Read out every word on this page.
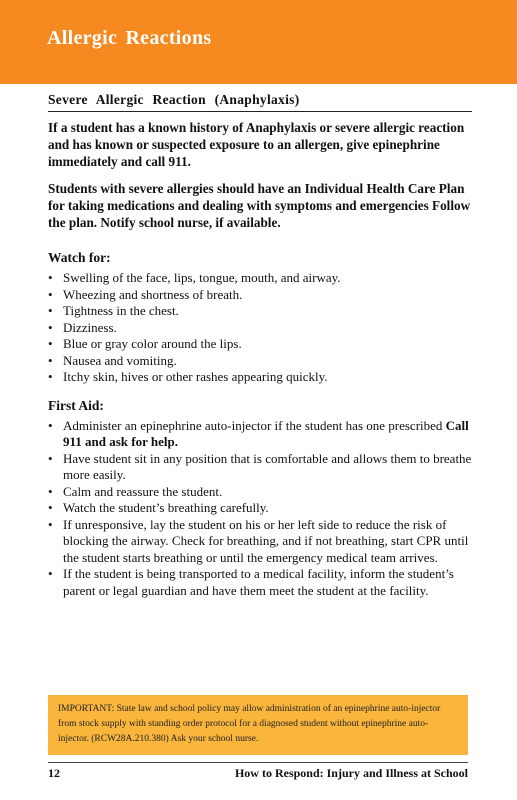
Allergic Reactions
Severe Allergic Reaction (Anaphylaxis)

If a student has a known history of Anaphylaxis or severe allergic reaction and has known or suspected exposure to an allergen, give epinephrine immediately and call 911.

Students with severe allergies should have an Individual Health Care Plan for taking medications and dealing with symptoms and emergencies Follow the plan. Notify school nurse, if available.

Watch for:
• Swelling of the face, lips, tongue, mouth, and airway.
• Wheezing and shortness of breath.
• Tightness in the chest.
• Dizziness.
• Blue or gray color around the lips.
• Nausea and vomiting.
• Itchy skin, hives or other rashes appearing quickly.
First Aid:
• Administer an epinephrine auto-injector if the student has one prescribed Call 911 and ask for help.
• Have student sit in any position that is comfortable and allows them to breathe more easily.
• Calm and reassure the student.
• Watch the student’s breathing carefully.
• If unresponsive, lay the student on his or her left side to reduce the risk of blocking the airway. Check for breathing, and if not breathing, start CPR until the student starts breathing or until the emergency medical team arrives.
• If the student is being transported to a medical facility, inform the student’s parent or legal guardian and have them meet the student at the facility.
IMPORTANT: State law and school policy may allow administration of an epinephrine auto-injector from stock supply with standing order protocol for a diagnosed student without epinephrine auto-injector. (RCW28A.210.380) Ask your school nurse.
12	How to Respond: Injury and Illness at School
